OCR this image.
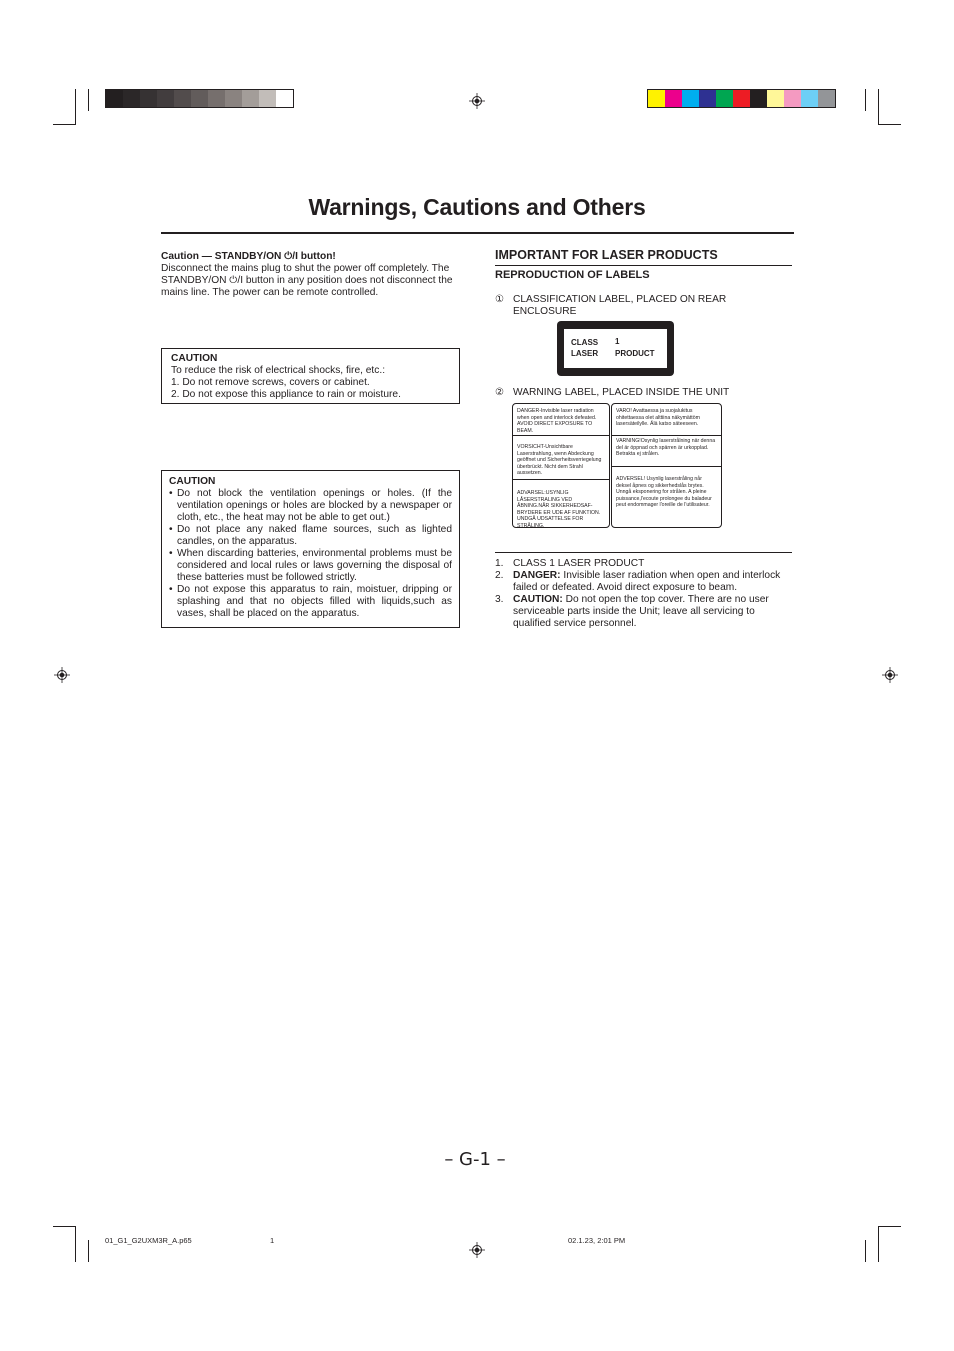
Warnings, Cautions and Others
Caution — STANDBY/ON ⏻/I button!
Disconnect the mains plug to shut the power off completely. The
STANDBY/ON ⏻/I button in any position does not disconnect the
mains line. The power can be remote controlled.
CAUTION
To reduce the risk of electrical shocks, fire, etc.:
1. Do not remove screws, covers or cabinet.
2. Do not expose this appliance to rain or moisture.
CAUTION
• Do not block the ventilation openings or holes. (If the ventilation openings or holes are blocked by a newspaper or cloth, etc., the heat may not be able to get out.)
• Do not place any naked flame sources, such as lighted candles, on the apparatus.
• When discarding batteries, environmental problems must be considered and local rules or laws governing the disposal of these batteries must be followed strictly.
• Do not expose this apparatus to rain, moistuer, dripping or splashing and that no objects filled with liquids,such as vases, shall be placed on the apparatus.
IMPORTANT FOR LASER PRODUCTS
REPRODUCTION OF LABELS
① CLASSIFICATION LABEL, PLACED ON REAR
ENCLOSURE
CLASS 1
LASER PRODUCT
② WARNING LABEL, PLACED INSIDE THE UNIT
DANGER-Invisible laser radiation when open and interlock defeated. AVOID DIRECT EXPOSURE TO BEAM.
VORSICHT-Unsichtbare Laserstrahlung, wenn Abdeckung geöffnet und Sicherheitsverriegelung überbrückt. Nicht dem Strahl aussetzen.
ADVARSEL:USYNLIG LÅSERSTRALING VED ÅBNING.NÅR SIKKERHEDSAF-BRYDERE ER UDE AF FUNKTION. UNDGÅ UDSATTELSE FOR STRÅLING.
VARO! Avattaessa ja suojalukitus ohitettaessa olet alttiina näkymättöm lasersäteilylle. Älä katso säteeseen.
VARNING!Osynlig laserstrålning när denna del är öppnad och spärren är urkopplad. Betrakta ej strålen.
ADVERSEL! Usynlig laserstråling når deksel åpnes og sikkerhedslås brytes. Unngå eksponering for strålen. A pleine puissance,l'ecoute prolongee du baladeur peut endommager l'oreille de l'utilisateur.
1. CLASS 1 LASER PRODUCT
2. DANGER: Invisible laser radiation when open and interlock failed or defeated. Avoid direct exposure to beam.
3. CAUTION: Do not open the top cover. There are no user serviceable parts inside the Unit; leave all servicing to qualified service personnel.
– G-1 –
01_G1_G2UXM3R_A.p65	1	02.1.23, 2:01 PM
